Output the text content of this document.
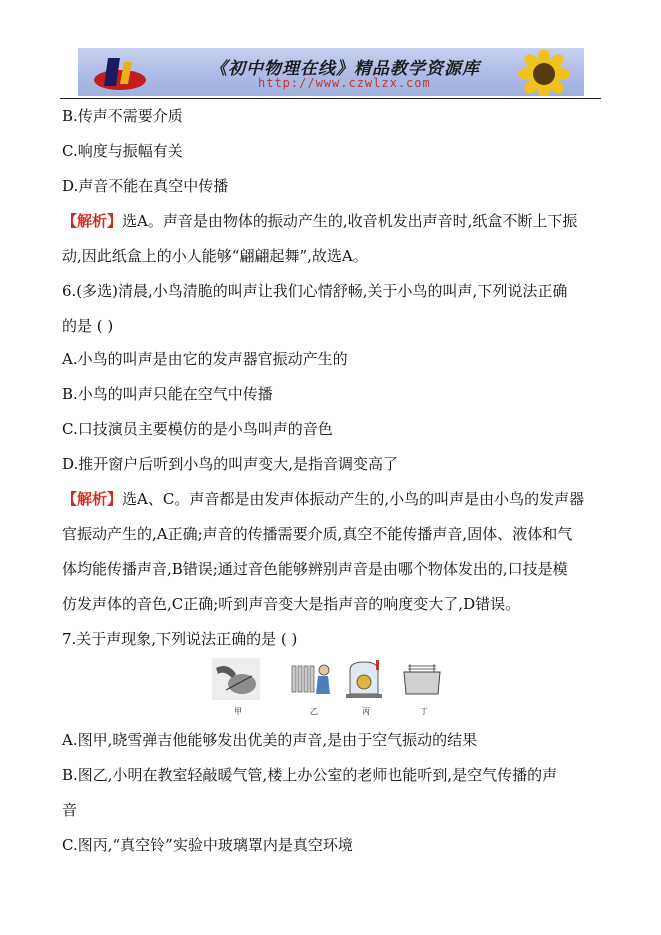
《初中物理在线》精品教学资源库
http://www.czwlzx.com
B.传声不需要介质
C.响度与振幅有关
D.声音不能在真空中传播
【解析】选A。声音是由物体的振动产生的,收音机发出声音时,纸盒不断上下振
动,因此纸盒上的小人能够“翩翩起舞”,故选A。
6.(多选)清晨,小鸟清脆的叫声让我们心情舒畅,关于小鸟的叫声,下列说法正确
的是 ( )
A.小鸟的叫声是由它的发声器官振动产生的
B.小鸟的叫声只能在空气中传播
C.口技演员主要模仿的是小鸟叫声的音色
D.推开窗户后听到小鸟的叫声变大,是指音调变高了
【解析】选A、C。声音都是由发声体振动产生的,小鸟的叫声是由小鸟的发声器
官振动产生的,A正确;声音的传播需要介质,真空不能传播声音,固体、液体和气
体均能传播声音,B错误;通过音色能够辨别声音是由哪个物体发出的,口技是模
仿发声体的音色,C正确;听到声音变大是指声音的响度变大了,D错误。
7.关于声现象,下列说法正确的是 ( )
甲	乙	丙	丁
A.图甲,晓雪弹吉他能够发出优美的声音,是由于空气振动的结果
B.图乙,小明在教室轻敲暖气管,楼上办公室的老师也能听到,是空气传播的声
音
C.图丙,“真空铃”实验中玻璃罩内是真空环境
